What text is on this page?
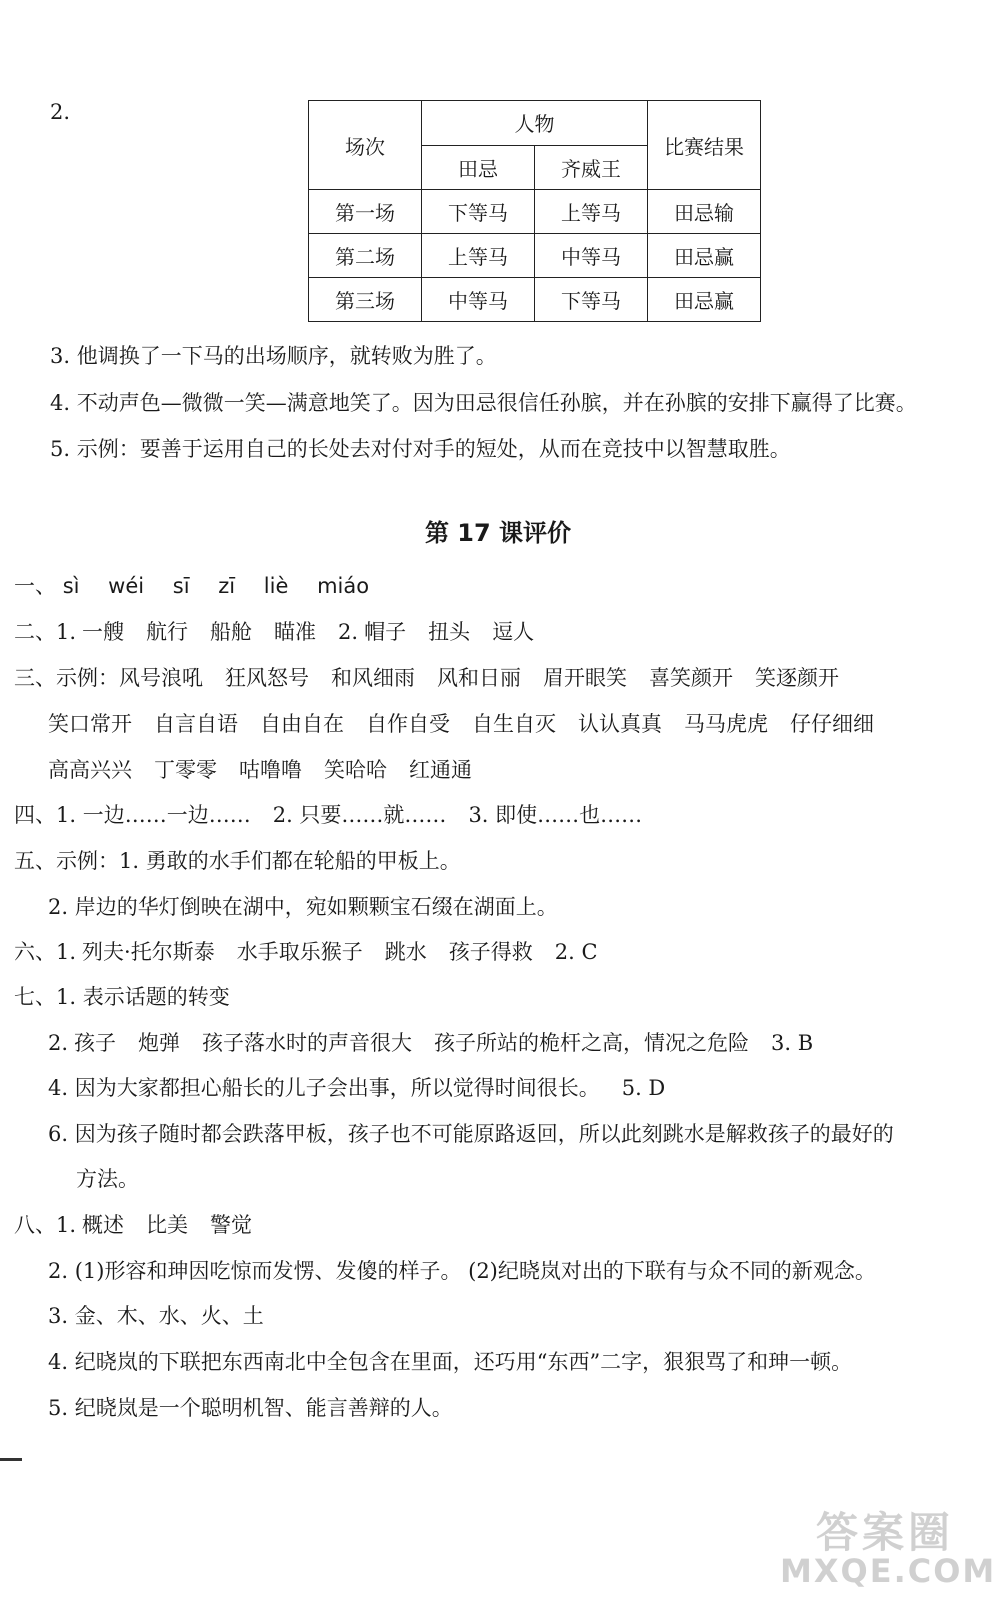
2.
场次	人物		比赛结果
	田忌	齐威王	
第一场	下等马	上等马	田忌输
第二场	上等马	中等马	田忌赢
第三场	中等马	下等马	田忌赢
3. 他调换了一下马的出场顺序，就转败为胜了。
4. 不动声色—微微一笑—满意地笑了。因为田忌很信任孙膑，并在孙膑的安排下赢得了比赛。
5. 示例：要善于运用自己的长处去对付对手的短处，从而在竞技中以智慧取胜。
第 17 课评价
一、 sì wéi sī zī liè miáo
二、1. 一艘 航行 船舱 瞄准 2. 帽子 扭头 逗人
三、示例：风号浪吼 狂风怒号 和风细雨 风和日丽 眉开眼笑 喜笑颜开 笑逐颜开
笑口常开 自言自语 自由自在 自作自受 自生自灭 认认真真 马马虎虎 仔仔细细
高高兴兴 丁零零 咕噜噜 笑哈哈 红通通
四、1. 一边……一边…… 2. 只要……就…… 3. 即使……也……
五、示例：1. 勇敢的水手们都在轮船的甲板上。
2. 岸边的华灯倒映在湖中，宛如颗颗宝石缀在湖面上。
六、1. 列夫·托尔斯泰 水手取乐猴子 跳水 孩子得救 2. C
七、1. 表示话题的转变
2. 孩子 炮弹 孩子落水时的声音很大 孩子所站的桅杆之高，情况之危险 3. B
4. 因为大家都担心船长的儿子会出事，所以觉得时间很长。 5. D
6. 因为孩子随时都会跌落甲板，孩子也不可能原路返回，所以此刻跳水是解救孩子的最好的
方法。
八、1. 概述 比美 警觉
2. (1)形容和珅因吃惊而发愣、发傻的样子。 (2)纪晓岚对出的下联有与众不同的新观念。
3. 金、木、水、火、土
4. 纪晓岚的下联把东西南北中全包含在里面，还巧用“东西”二字，狠狠骂了和珅一顿。
5. 纪晓岚是一个聪明机智、能言善辩的人。
答案圈
MXQE.COM
